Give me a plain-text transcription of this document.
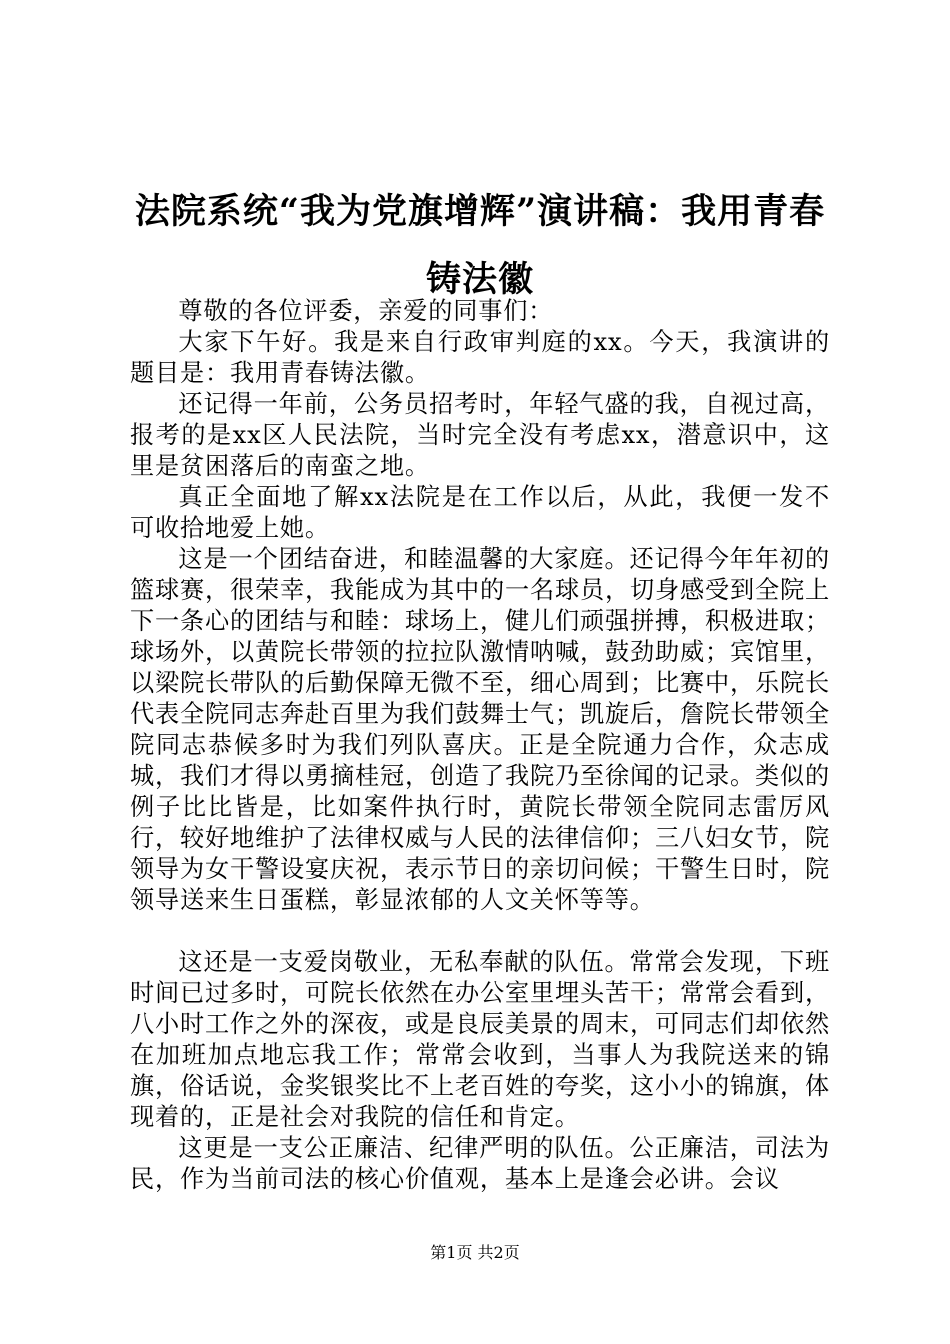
法院系统“我为党旗增辉”演讲稿：我用青春铸法徽

尊敬的各位评委，亲爱的同事们：

大家下午好。我是来自行政审判庭的xx。今天，我演讲的题目是：我用青春铸法徽。

还记得一年前，公务员招考时，年轻气盛的我，自视过高，报考的是xx区人民法院，当时完全没有考虑xx，潜意识中，这里是贫困落后的南蛮之地。

真正全面地了解xx法院是在工作以后，从此，我便一发不可收拾地爱上她。

这是一个团结奋进，和睦温馨的大家庭。还记得今年年初的篮球赛，很荣幸，我能成为其中的一名球员，切身感受到全院上下一条心的团结与和睦：球场上，健儿们顽强拼搏，积极进取；球场外，以黄院长带领的拉拉队激情呐喊，鼓劲助威；宾馆里，以梁院长带队的后勤保障无微不至，细心周到；比赛中，乐院长代表全院同志奔赴百里为我们鼓舞士气；凯旋后，詹院长带领全院同志恭候多时为我们列队喜庆。正是全院通力合作，众志成城，我们才得以勇摘桂冠，创造了我院乃至徐闻的记录。类似的例子比比皆是，比如案件执行时，黄院长带领全院同志雷厉风行，较好地维护了法律权威与人民的法律信仰；三八妇女节，院领导为女干警设宴庆祝，表示节日的亲切问候；干警生日时，院领导送来生日蛋糕，彰显浓郁的人文关怀等等。

这还是一支爱岗敬业，无私奉献的队伍。常常会发现，下班时间已过多时，可院长依然在办公室里埋头苦干；常常会看到，八小时工作之外的深夜，或是良辰美景的周末，可同志们却依然在加班加点地忘我工作；常常会收到，当事人为我院送来的锦旗，俗话说，金奖银奖比不上老百姓的夸奖，这小小的锦旗，体现着的，正是社会对我院的信任和肯定。

这更是一支公正廉洁、纪律严明的队伍。公正廉洁，司法为民，作为当前司法的核心价值观，基本上是逢会必讲。会议

第1页 共2页
